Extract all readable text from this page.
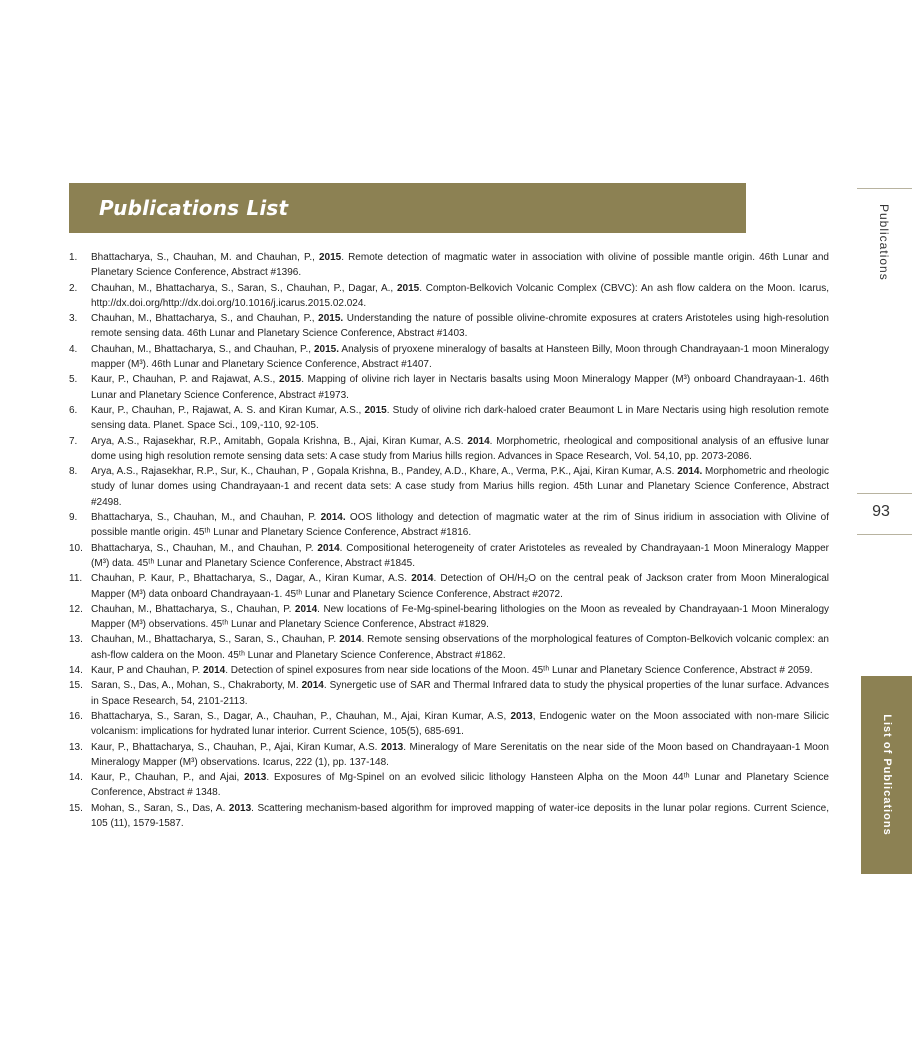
Publications List
1. Bhattacharya, S., Chauhan, M. and Chauhan, P., 2015. Remote detection of magmatic water in association with olivine of possible mantle origin. 46th Lunar and Planetary Science Conference, Abstract #1396.
2. Chauhan, M., Bhattacharya, S., Saran, S., Chauhan, P., Dagar, A., 2015. Compton-Belkovich Volcanic Complex (CBVC): An ash flow caldera on the Moon. Icarus, http://dx.doi.org/http://dx.doi.org/10.1016/j.icarus.2015.02.024.
3. Chauhan, M., Bhattacharya, S., and Chauhan, P., 2015. Understanding the nature of possible olivine-chromite exposures at craters Aristoteles using high-resolution remote sensing data. 46th Lunar and Planetary Science Conference, Abstract #1403.
4. Chauhan, M., Bhattacharya, S., and Chauhan, P., 2015. Analysis of pryoxene mineralogy of basalts at Hansteen Billy, Moon through Chandrayaan-1 moon Mineralogy mapper (M³). 46th Lunar and Planetary Science Conference, Abstract #1407.
5. Kaur, P., Chauhan, P. and Rajawat, A.S., 2015. Mapping of olivine rich layer in Nectaris basalts using Moon Mineralogy Mapper (M³) onboard Chandrayaan-1. 46th Lunar and Planetary Science Conference, Abstract #1973.
6. Kaur, P., Chauhan, P., Rajawat, A. S. and Kiran Kumar, A.S., 2015. Study of olivine rich dark-haloed crater Beaumont L in Mare Nectaris using high resolution remote sensing data. Planet. Space Sci., 109,-110, 92-105.
7. Arya, A.S., Rajasekhar, R.P., Amitabh, Gopala Krishna, B., Ajai, Kiran Kumar, A.S. 2014. Morphometric, rheological and compositional analysis of an effusive lunar dome using high resolution remote sensing data sets: A case study from Marius hills region. Advances in Space Research, Vol. 54,10, pp. 2073-2086.
8. Arya, A.S., Rajasekhar, R.P., Sur, K., Chauhan, P , Gopala Krishna, B., Pandey, A.D., Khare, A., Verma, P.K., Ajai, Kiran Kumar, A.S. 2014. Morphometric and rheologic study of lunar domes using Chandrayaan-1 and recent data sets: A case study from Marius hills region. 45th Lunar and Planetary Science Conference, Abstract #2498.
9. Bhattacharya, S., Chauhan, M., and Chauhan, P. 2014. OOS lithology and detection of magmatic water at the rim of Sinus iridium in association with Olivine of possible mantle origin. 45ᵗʰ Lunar and Planetary Science Conference, Abstract #1816.
10. Bhattacharya, S., Chauhan, M., and Chauhan, P. 2014. Compositional heterogeneity of crater Aristoteles as revealed by Chandrayaan-1 Moon Mineralogy Mapper (M³) data. 45ᵗʰ Lunar and Planetary Science Conference, Abstract #1845.
11. Chauhan, P. Kaur, P., Bhattacharya, S., Dagar, A., Kiran Kumar, A.S. 2014. Detection of OH/H₂O on the central peak of Jackson crater from Moon Mineralogical Mapper (M³) data onboard Chandrayaan-1. 45ᵗʰ Lunar and Planetary Science Conference, Abstract #2072.
12. Chauhan, M., Bhattacharya, S., Chauhan, P. 2014. New locations of Fe-Mg-spinel-bearing lithologies on the Moon as revealed by Chandrayaan-1 Moon Mineralogy Mapper (M³) observations. 45ᵗʰ Lunar and Planetary Science Conference, Abstract #1829.
13. Chauhan, M., Bhattacharya, S., Saran, S., Chauhan, P. 2014. Remote sensing observations of the morphological features of Compton-Belkovich volcanic complex: an ash-flow caldera on the Moon. 45ᵗʰ Lunar and Planetary Science Conference, Abstract #1862.
14. Kaur, P and Chauhan, P. 2014. Detection of spinel exposures from near side locations of the Moon. 45ᵗʰ Lunar and Planetary Science Conference, Abstract # 2059.
15. Saran, S., Das, A., Mohan, S., Chakraborty, M. 2014. Synergetic use of SAR and Thermal Infrared data to study the physical properties of the lunar surface. Advances in Space Research, 54, 2101-2113.
16. Bhattacharya, S., Saran, S., Dagar, A., Chauhan, P., Chauhan, M., Ajai, Kiran Kumar, A.S, 2013, Endogenic water on the Moon associated with non-mare Silicic volcanism: implications for hydrated lunar interior. Current Science, 105(5), 685-691.
13. Kaur, P., Bhattacharya, S., Chauhan, P., Ajai, Kiran Kumar, A.S. 2013. Mineralogy of Mare Serenitatis on the near side of the Moon based on Chandrayaan-1 Moon Mineralogy Mapper (M³) observations. Icarus, 222 (1), pp. 137-148.
14. Kaur, P., Chauhan, P., and Ajai, 2013. Exposures of Mg-Spinel on an evolved silicic lithology Hansteen Alpha on the Moon 44ᵗʰ Lunar and Planetary Science Conference, Abstract # 1348.
15. Mohan, S., Saran, S., Das, A. 2013. Scattering mechanism-based algorithm for improved mapping of water-ice deposits in the lunar polar regions. Current Science, 105 (11), 1579-1587.
Publications
93
List of Publications
